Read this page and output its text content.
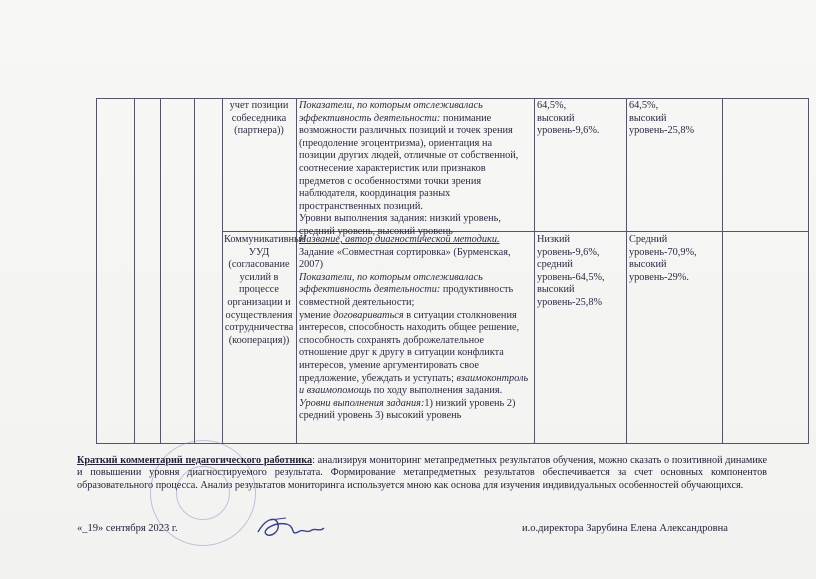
учет позиции собеседника (партнера))
Показатели, по которым отслеживалась эффективность деятельности: понимание возможности различных позиций и точек зрения (преодоление эгоцентризма), ориентация на позиции других людей, отличные от собственной, соотнесение характеристик или признаков предметов с особенностями точки зрения наблюдателя, координация разных пространственных позиций.
Уровни выполнения задания: низкий уровень, средний уровень, высокий уровень
64,5%,
высокий уровень-9,6%.
64,5%,
высокий уровень-25,8%
Коммуникативные УУД (согласование усилий в процессе организации и осуществления сотрудничества (кооперация))
Название, автор диагностической методики.
Задание «Совместная сортировка» (Бурменская, 2007)
Показатели, по которым отслеживалась эффективность деятельности: продуктивность совместной деятельности;
умение договариваться в ситуации столкновения интересов, способность находить общее решение, способность сохранять доброжелательное отношение друг к другу в ситуации конфликта интересов, умение аргументировать свое предложение, убеждать и уступать; взаимоконтроль и взаимопомощь по ходу выполнения задания.
Уровни выполнения задания:1) низкий уровень 2) средний уровень 3) высокий уровень
Низкий уровень-9,6%,
средний уровень-64,5%,
высокий уровень-25,8%
Средний уровень-70,9%,
высокий уровень-29%.
Краткий комментарий педагогического работника: анализируя мониторинг метапредметных результатов обучения, можно сказать о позитивной динамике и повышении уровня диагностируемого результата. Формирование метапредметных результатов обеспечивается за счет основных компонентов образовательного процесса. Анализ результатов мониторинга используется мною как основа для изучения индивидуальных особенностей обучающихся.
«_19» сентября 2023 г.	и.о.директора Зарубина Елена Александровна
